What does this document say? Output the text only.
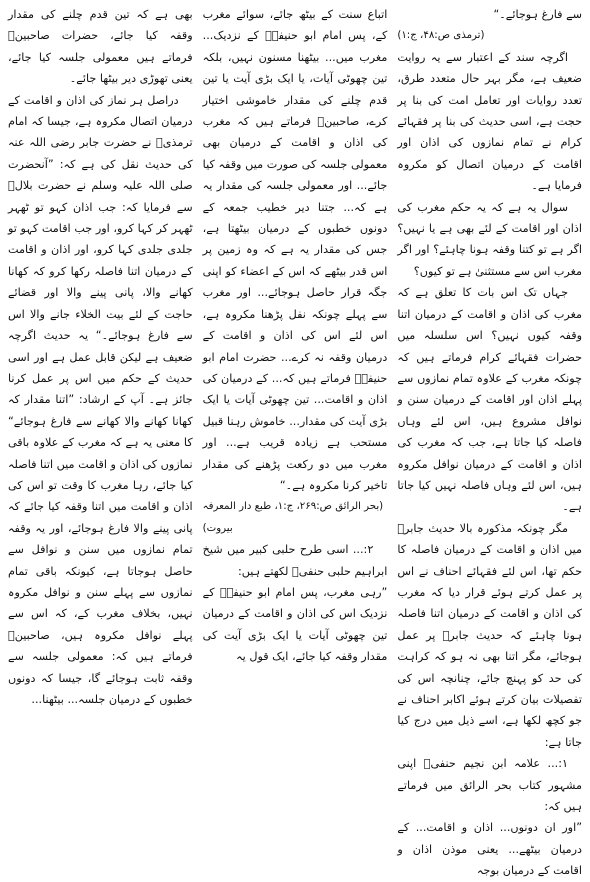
سے فارغ ہوجائے۔“

(ترمذی ص:۴۸، ج:۱)

اگرچہ سند کے اعتبار سے یہ روایت ضعیف ہے، مگر بہر حال متعدد طرق، تعدد روایات اور تعامل امت کی بنا پر حجت ہے، اسی حدیث کی بنا پر فقہائے کرام نے تمام نمازوں کی اذان اور اقامت کے درمیان اتصال کو مکروہ فرمایا ہے۔

سوال یہ ہے کہ یہ حکم مغرب کی اذان اور اقامت کے لئے بھی ہے یا نہیں؟ اگر ہے تو کتنا وقفہ ہونا چاہئے؟ اور اگر مغرب اس سے مستثنیٰ ہے تو کیوں؟

جہاں تک اس بات کا تعلق ہے کہ مغرب کی اذان و اقامت کے درمیان اتنا وقفہ کیوں نہیں؟ اس سلسلہ میں حضرات فقہائے کرام فرماتے ہیں کہ چونکہ مغرب کے علاوہ تمام نمازوں سے پہلے اذان اور اقامت کے درمیان سنن و نوافل مشروع ہیں، اس لئے وہاں فاصلہ کیا جاتا ہے، جب کہ مغرب کی اذان و اقامت کے درمیان نوافل مکروہ ہیں، اس لئے وہاں فاصلہ نہیں کیا جاتا ہے۔

مگر چونکہ مذکورہ بالا حدیث جابرؓ میں اذان و اقامت کے درمیان فاصلہ کا حکم تھا، اس لئے فقہائے احناف نے اس پر عمل کرتے ہوئے قرار دیا کہ مغرب کی اذان و اقامت کے درمیان اتنا فاصلہ ہونا چاہئے کہ حدیث جابرؓ پر عمل ہوجائے، مگر اتنا بھی نہ ہو کہ کراہت کی حد کو پہنچ جائے، چنانچہ اس کی تفصیلات بیان کرتے ہوئے اکابر احناف نے جو کچھ لکھا ہے، اسے ذیل میں درج کیا جاتا ہے:

۱:... علامہ ابن نجیم حنفیؒ اپنی مشہور کتاب بحر الرائق میں فرماتے ہیں کہ:

”اور ان دونوں... اذان و اقامت... کے درمیان بیٹھے... یعنی موذن اذان و اقامت کے درمیان بوجہ

اتباع سنت کے بیٹھ جائے، سوائے مغرب کے، پس امام ابو حنیفہؒ کے نزدیک... مغرب میں... بیٹھنا مسنون نہیں، بلکہ تین چھوٹی آیات، یا ایک بڑی آیت یا تین قدم چلنے کی مقدار خاموشی اختیار کرے، صاحبینؒ فرماتے ہیں کہ مغرب کی اذان و اقامت کے درمیان بھی معمولی جلسہ کی صورت میں وقفہ کیا جائے... اور معمولی جلسہ کی مقدار یہ ہے کہ... جتنا دیر خطیب جمعہ کے دونوں خطبوں کے درمیان بیٹھتا ہے، جس کی مقدار یہ ہے کہ وہ زمین پر اس قدر بیٹھے کہ اس کے اعضاء کو اپنی جگہ قرار حاصل ہوجائے... اور مغرب سے پہلے چونکہ نفل پڑھنا مکروہ ہے، اس لئے اس کی اذان و اقامت کے درمیان وقفہ نہ کرے... حضرت امام ابو حنیفہؒ فرماتے ہیں کہ... کے درمیان کی اذان و اقامت... تین چھوٹی آیات یا ایک بڑی آیت کی مقدار... خاموش رہنا قبیل مستحب ہے زیادہ قریب ہے... اور مغرب میں دو رکعت پڑھنے کی مقدار تاخیر کرنا مکروہ ہے۔“

(بحر الرائق ص:۲۶۹، ج:۱، طبع دار المعرفہ بیروت)

۲:... اسی طرح حلبی کبیر میں شیخ ابراہیم حلبی حنفیؒ لکھتے ہیں:

”رہی مغرب، پس امام ابو حنیفہؒ کے نزدیک اس کی اذان و اقامت کے درمیان تین چھوٹی آیات یا ایک بڑی آیت کی مقدار وقفہ کیا جائے، ایک قول یہ

بھی ہے کہ تین قدم چلنے کی مقدار وقفہ کیا جائے، حضرات صاحبینؒ فرماتے ہیں معمولی جلسہ کیا جائے، یعنی تھوڑی دیر بیٹھا جائے۔

دراصل ہر نماز کی اذان و اقامت کے درمیان اتصال مکروہ ہے، جیسا کہ امام ترمذیؒ نے حضرت جابر رضی اللہ عنہ کی حدیث نقل کی ہے کہ: ”آنحضرت صلی اللہ علیہ وسلم نے حضرت بلالؓ سے فرمایا کہ: جب اذان کہو تو ٹھہر ٹھہر کر کہا کرو، اور جب اقامت کہو تو جلدی جلدی کہا کرو، اور اذان و اقامت کے درمیان اتنا فاصلہ رکھا کرو کہ کھانا کھانے والا، پانی پینے والا اور قضائے حاجت کے لئے بیت الخلاء جانے والا اس سے فارغ ہوجائے۔“ یہ حدیث اگرچہ ضعیف ہے لیکن قابل عمل ہے اور اسی حدیث کے حکم میں اس پر عمل کرنا جائز ہے۔ آپ کے ارشاد: ”اتنا مقدار کہ کھانا کھانے والا کھانے سے فارغ ہوجائے“ کا معنی یہ ہے کہ مغرب کے علاوہ باقی نمازوں کی اذان و اقامت میں اتنا فاصلہ کیا جائے، رہا مغرب کا وقت تو اس کی اذان و اقامت میں اتنا وقفہ کیا جائے کہ پانی پینے والا فارغ ہوجائے، اور یہ وقفہ تمام نمازوں میں سنن و نوافل سے حاصل ہوجاتا ہے، کیونکہ باقی تمام نمازوں سے پہلے سنن و نوافل مکروہ نہیں، بخلاف مغرب کے، کہ اس سے پہلے نوافل مکروہ ہیں، صاحبینؒ فرماتے ہیں کہ: معمولی جلسہ سے وقفہ ثابت ہوجائے گا، جیسا کہ دونوں خطبوں کے درمیان جلسہ... بیٹھنا...
